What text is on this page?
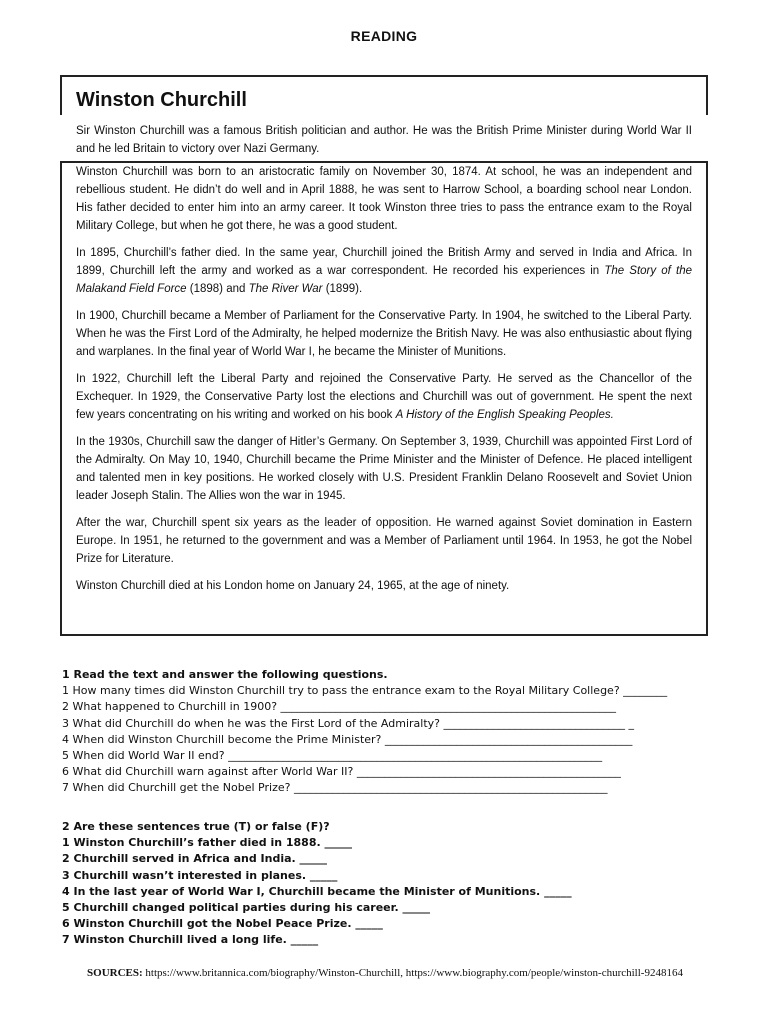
READING
Winston Churchill
Sir Winston Churchill was a famous British politician and author. He was the British Prime Minister during World War II and he led Britain to victory over Nazi Germany.

Winston Churchill was born to an aristocratic family on November 30, 1874. At school, he was an independent and rebellious student. He didn’t do well and in April 1888, he was sent to Harrow School, a boarding school near London. His father decided to enter him into an army career. It took Winston three tries to pass the entrance exam to the Royal Military College, but when he got there, he was a good student.

In 1895, Churchill’s father died. In the same year, Churchill joined the British Army and served in India and Africa. In 1899, Churchill left the army and worked as a war correspondent. He recorded his experiences in The Story of the Malakand Field Force (1898) and The River War (1899).

In 1900, Churchill became a Member of Parliament for the Conservative Party. In 1904, he switched to the Liberal Party. When he was the First Lord of the Admiralty, he helped modernize the British Navy. He was also enthusiastic about flying and warplanes. In the final year of World War I, he became the Minister of Munitions.

In 1922, Churchill left the Liberal Party and rejoined the Conservative Party. He served as the Chancellor of the Exchequer. In 1929, the Conservative Party lost the elections and Churchill was out of government. He spent the next few years concentrating on his writing and worked on his book A History of the English Speaking Peoples.

In the 1930s, Churchill saw the danger of Hitler’s Germany. On September 3, 1939, Churchill was appointed First Lord of the Admiralty. On May 10, 1940, Churchill became the Prime Minister and the Minister of Defence. He placed intelligent and talented men in key positions. He worked closely with U.S. President Franklin Delano Roosevelt and Soviet Union leader Joseph Stalin. The Allies won the war in 1945.

After the war, Churchill spent six years as the leader of opposition. He warned against Soviet domination in Eastern Europe. In 1951, he returned to the government and was a Member of Parliament until 1964. In 1953, he got the Nobel Prize for Literature.

Winston Churchill died at his London home on January 24, 1965, at the age of ninety.

1 Read the text and answer the following questions.
1 How many times did Winston Churchill try to pass the entrance exam to the Royal Military College? ________
2 What happened to Churchill in 1900? _____________________________________________________________
3 What did Churchill do when he was the First Lord of the Admiralty? _________________________________ _
4 When did Winston Churchill become the Prime Minister? _____________________________________________
5 When did World War II end? ____________________________________________________________________
6 What did Churchill warn against after World War II? ________________________________________________
7 When did Churchill get the Nobel Prize? _________________________________________________________
2 Are these sentences true (T) or false (F)?
1 Winston Churchill’s father died in 1888. _____
2 Churchill served in Africa and India. _____
3 Churchill wasn’t interested in planes. _____
4 In the last year of World War I, Churchill became the Minister of Munitions. _____
5 Churchill changed political parties during his career. _____
6 Winston Churchill got the Nobel Peace Prize. _____
7 Winston Churchill lived a long life. _____
SOURCES: https://www.britannica.com/biography/Winston-Churchill, https://www.biography.com/people/winston-churchill-9248164
